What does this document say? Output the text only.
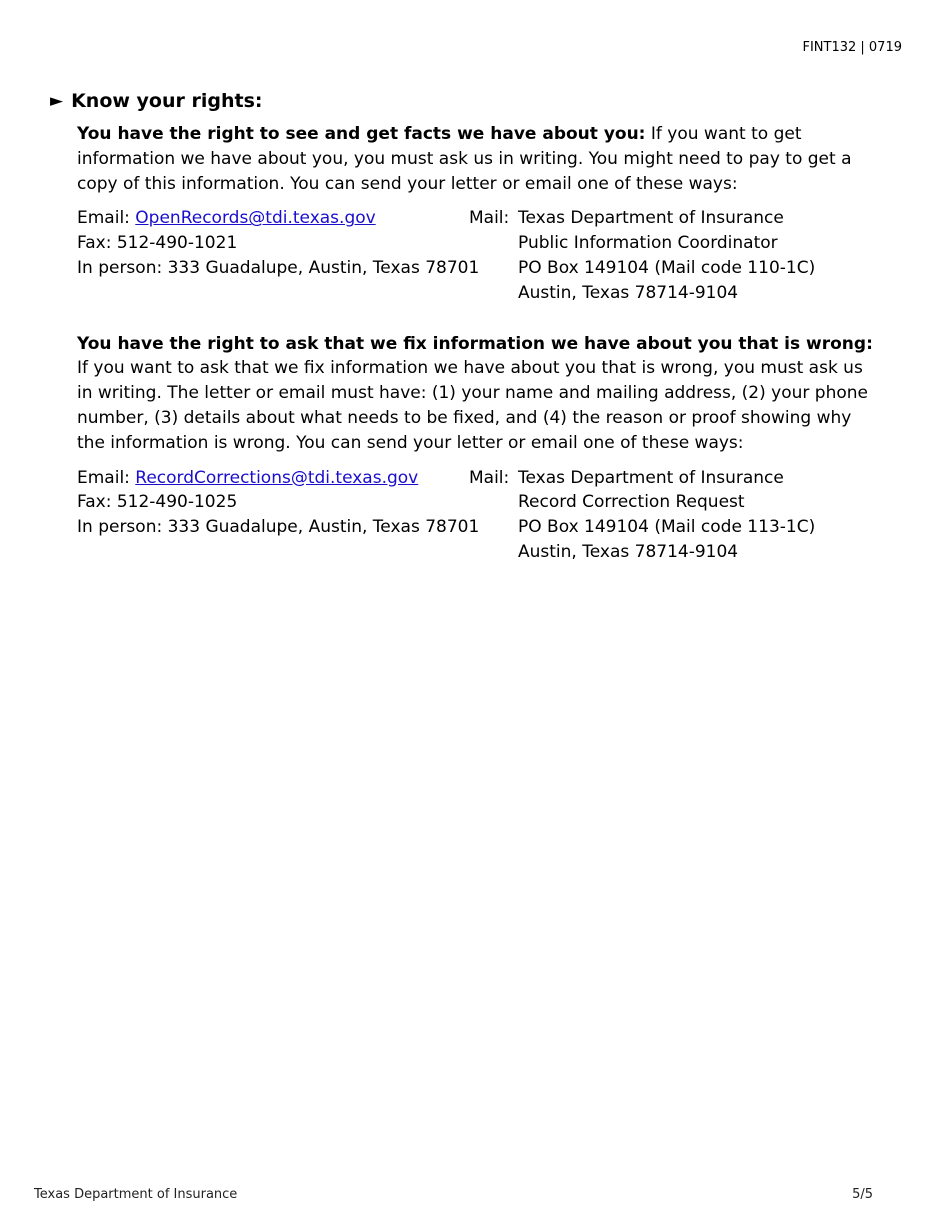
FINT132 | 0719
► Know your rights:

You have the right to see and get facts we have about you: If you want to get information we have about you, you must ask us in writing. You might need to pay to get a copy of this information. You can send your letter or email one of these ways:

Email: OpenRecords@tdi.texas.gov
Fax: 512-490-1021
In person: 333 Guadalupe, Austin, Texas 78701
Mail: Texas Department of Insurance
Public Information Coordinator
PO Box 149104 (Mail code 110-1C)
Austin, Texas 78714-9104

You have the right to ask that we fix information we have about you that is wrong: If you want to ask that we fix information we have about you that is wrong, you must ask us in writing. The letter or email must have: (1) your name and mailing address, (2) your phone number, (3) details about what needs to be fixed, and (4) the reason or proof showing why the information is wrong. You can send your letter or email one of these ways:

Email: RecordCorrections@tdi.texas.gov
Fax: 512-490-1025
In person: 333 Guadalupe, Austin, Texas 78701
Mail: Texas Department of Insurance
Record Correction Request
PO Box 149104 (Mail code 113-1C)
Austin, Texas 78714-9104
Texas Department of Insurance	5/5
